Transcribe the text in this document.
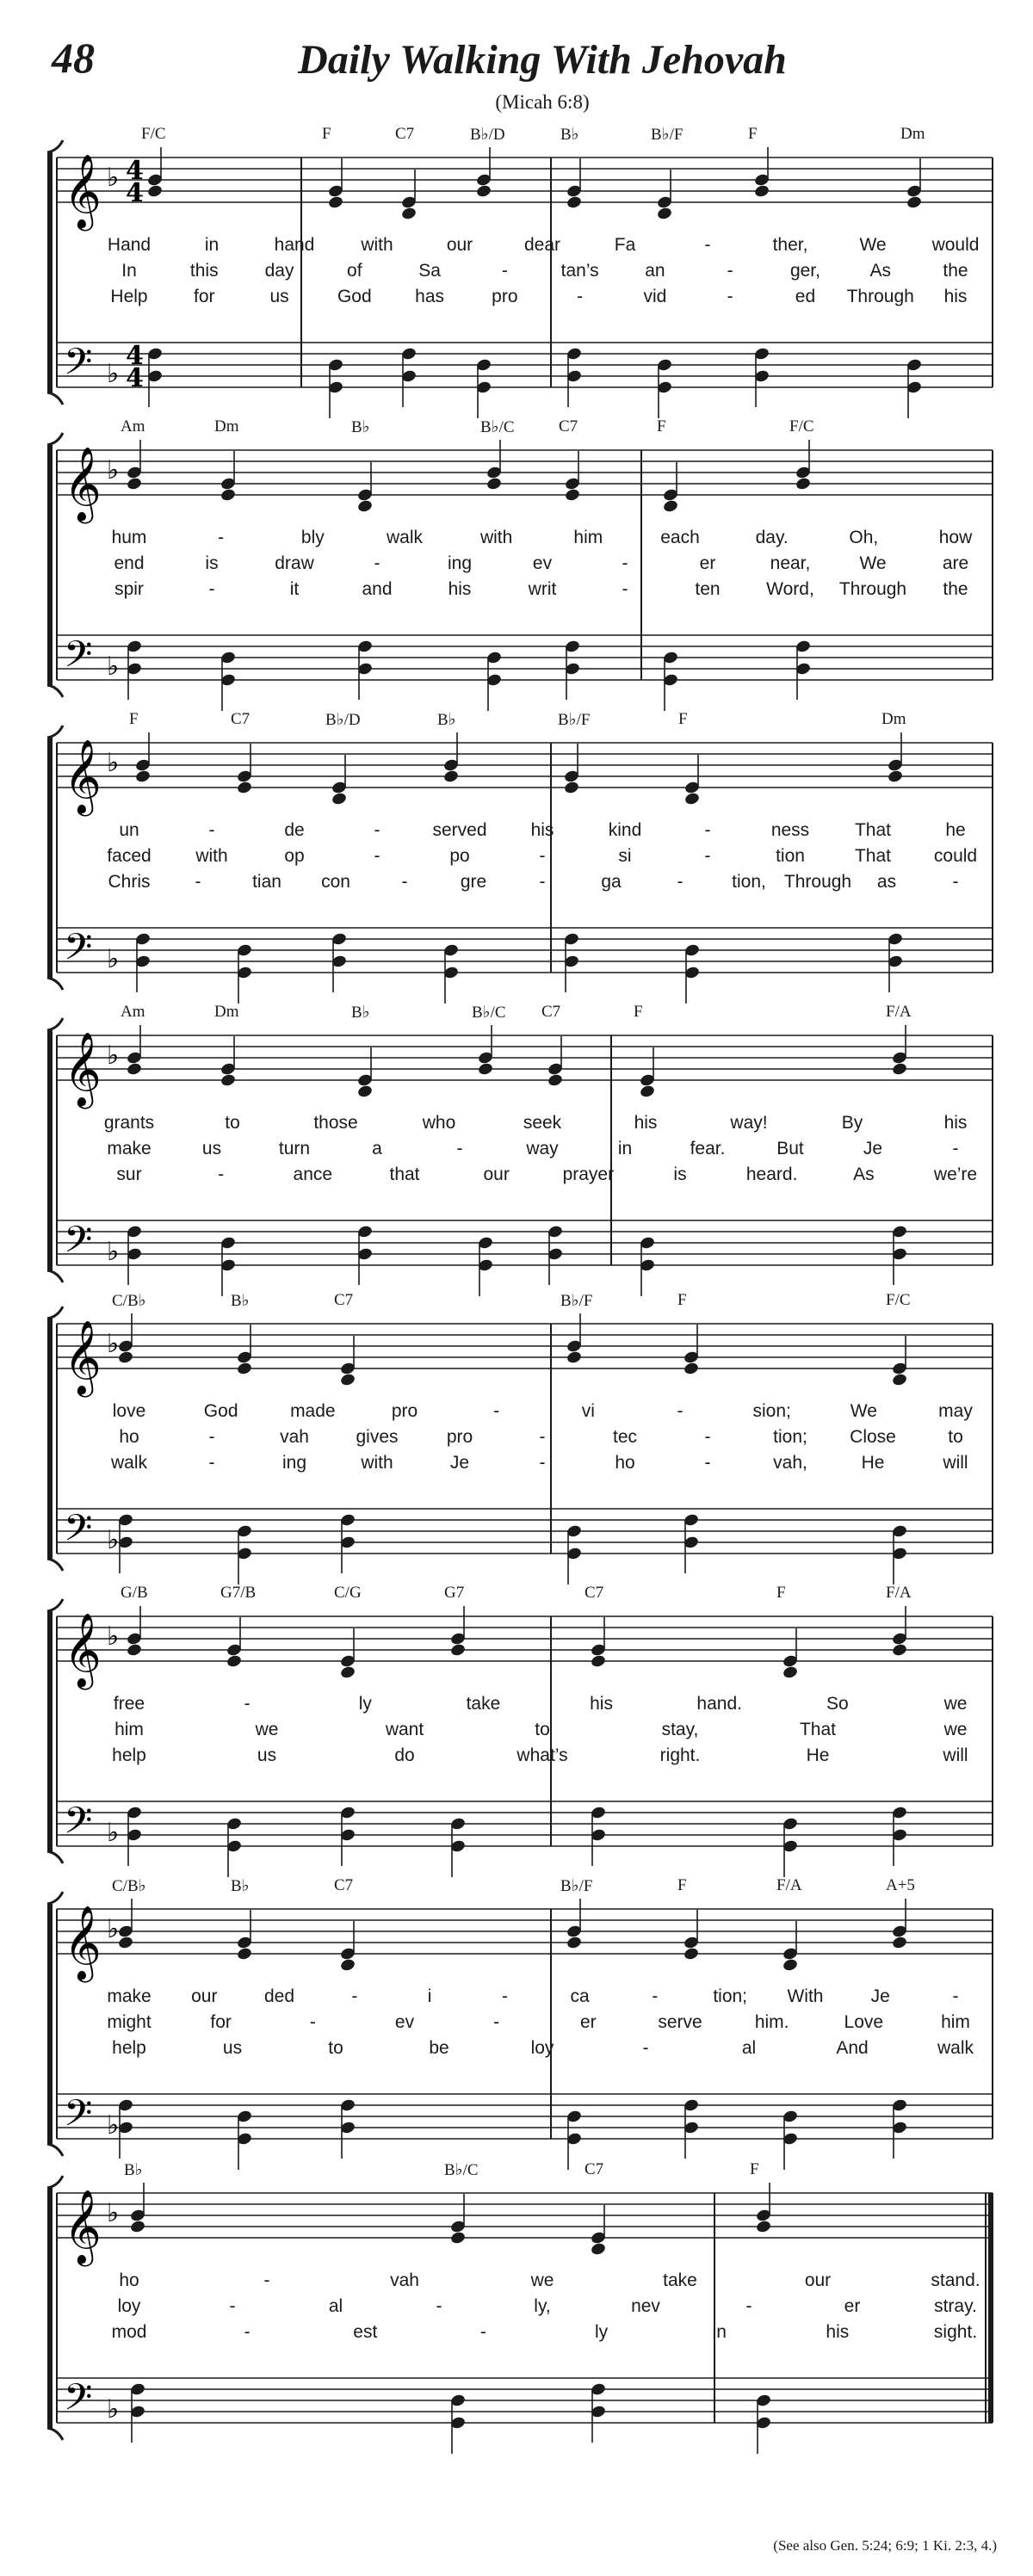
48	Daily Walking With Jehovah
(Micah 6:8)
𝄞
𝄢
♭
♭
4
4
4
4
F/C	F	C7	B♭/D	B♭	B♭/F	F	Dm
Hand	in	hand	with	our	dear	Fa	-	ther,	We	would
In	this	day	of	Sa	-	tan’s	an	-	ger,	As	the
Help	for	us	God has	pro	-	vid	-	ed Through his
𝄞
𝄢
♭
♭
Am	Dm	B♭	B♭/C	C7	F	F/C
hum	-	bly	walk	with	him	each	day.	Oh,	how
end	is	draw	-	ing	ev	-	er	near,	We	are
spir	-	it	and	his	writ	-	ten	Word, Through the
𝄞
𝄢
♭
♭
F	C7	B♭/D	B♭	B♭/F	F	Dm
un	-	de	-	served his	kind	-	ness	That	he
faced with	op	-	po	-	si	-	tion	That could
Chris -	tian con	-	gre	-	ga	-	tion, Through as	-
𝄞
𝄢
♭
♭
Am	Dm	B♭	B♭/C C7	F	F/A
grants	to	those	who	seek	his	way!	By	his
make	us	turn	a	-	way	in	fear.	But	Je	-
sur	-	ance	that	our	prayer	is	heard.	As	we’re
𝄞
𝄢
♭
♭
C/B♭	B♭	C7	B♭/F	F	F/C
love	God	made	pro	-	vi	-	sion;	We	may
ho	-	vah	gives	pro	-	tec	-	tion; Close	to
walk	-	ing	with	Je	-	ho	-	vah,	He	will
𝄞
𝄢
♭
♭
G/B	G7/B	C/G	G7	C7	F	F/A
free	-	ly	take	his	hand.	So	we
him	we	want	to	stay,	That	we
help	us	do	what’s	right.	He	will
𝄞
𝄢
♭
♭
C/B♭	B♭	C7	B♭/F	F	F/A	A+5
make our	ded	-	i	-	ca	-	tion; With	Je	-
might	for	-	ev	-	er	serve	him.	Love	him
help	us	to	be	loy	-	al	And	walk
𝄞
𝄢
♭
♭
B♭	B♭/C	C7	F
ho	-	vah	we	take	our	stand.
loy	-	al	-	ly,	nev	-	er	stray.
mod	-	est	-	ly	in	his	sight.
(See also Gen. 5:24; 6:9; 1 Ki. 2:3, 4.)
